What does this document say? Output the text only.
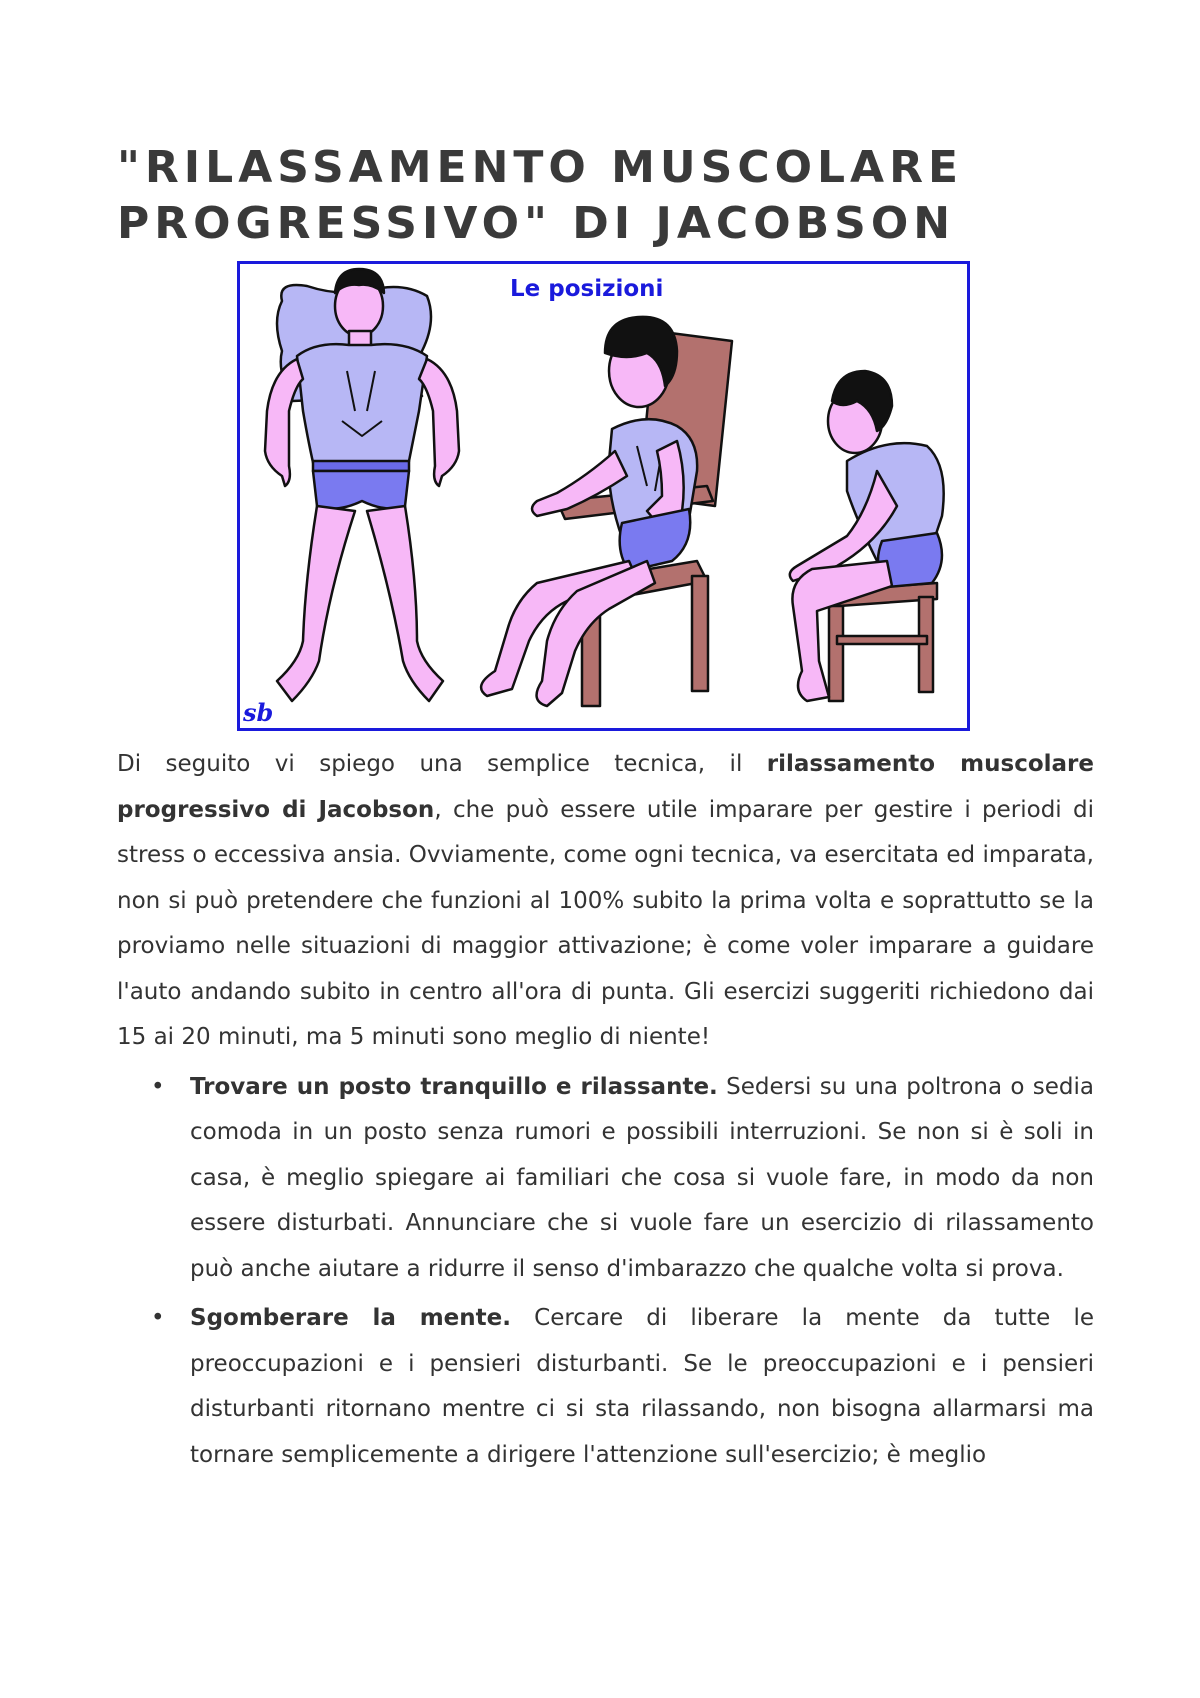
"RILASSAMENTO MUSCOLARE
PROGRESSIVO" DI JACOBSON
Le posizioni
sb

Di seguito vi spiego una semplice tecnica, il rilassamento muscolare progressivo di Jacobson, che può essere utile imparare per gestire i periodi di stress o eccessiva ansia. Ovviamente, come ogni tecnica, va esercitata ed imparata, non si può pretendere che funzioni al 100% subito la prima volta e soprattutto se la proviamo nelle situazioni di maggior attivazione; è come voler imparare a guidare l'auto andando subito in centro all'ora di punta. Gli esercizi suggeriti richiedono dai 15 ai 20 minuti, ma 5 minuti sono meglio di niente!

• Trovare un posto tranquillo e rilassante. Sedersi su una poltrona o sedia comoda in un posto senza rumori e possibili interruzioni. Se non si è soli in casa, è meglio spiegare ai familiari che cosa si vuole fare, in modo da non essere disturbati. Annunciare che si vuole fare un esercizio di rilassamento può anche aiutare a ridurre il senso d'imbarazzo che qualche volta si prova.
• Sgomberare la mente. Cercare di liberare la mente da tutte le preoccupazioni e i pensieri disturbanti. Se le preoccupazioni e i pensieri disturbanti ritornano mentre ci si sta rilassando, non bisogna allarmarsi ma tornare semplicemente a dirigere l'attenzione sull'esercizio; è meglio
